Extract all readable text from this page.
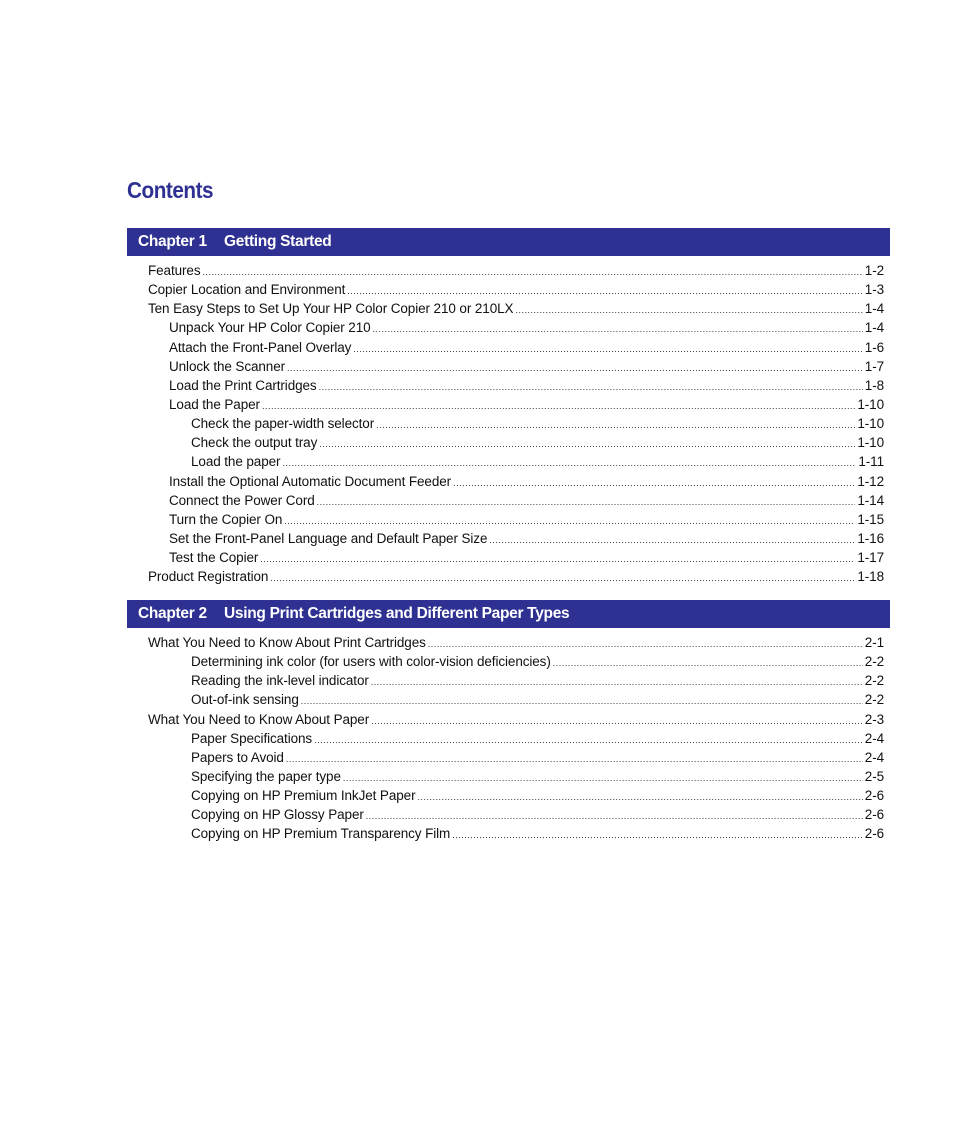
Contents
Chapter 1 Getting Started
Features .....	1-2
Copier Location and Environment .....	1-3
Ten Easy Steps to Set Up Your HP Color Copier 210 or 210LX .....	1-4
Unpack Your HP Color Copier 210 .....	1-4
Attach the Front-Panel Overlay .....	1-6
Unlock the Scanner .....	1-7
Load the Print Cartridges .....	1-8
Load the Paper .....	1-10
Check the paper-width selector .....	1-10
Check the output tray .....	1-10
Load the paper .....	1-11
Install the Optional Automatic Document Feeder .....	1-12
Connect the Power Cord .....	1-14
Turn the Copier On .....	1-15
Set the Front-Panel Language and Default Paper Size .....	1-16
Test the Copier .....	1-17
Product Registration .....	1-18
Chapter 2 Using Print Cartridges and Different Paper Types
What You Need to Know About Print Cartridges .....	2-1
Determining ink color (for users with color-vision deficiencies) .....	2-2
Reading the ink-level indicator .....	2-2
Out-of-ink sensing .....	2-2
What You Need to Know About Paper .....	2-3
Paper Specifications .....	2-4
Papers to Avoid .....	2-4
Specifying the paper type .....	2-5
Copying on HP Premium InkJet Paper .....	2-6
Copying on HP Glossy Paper .....	2-6
Copying on HP Premium Transparency Film .....	2-6
